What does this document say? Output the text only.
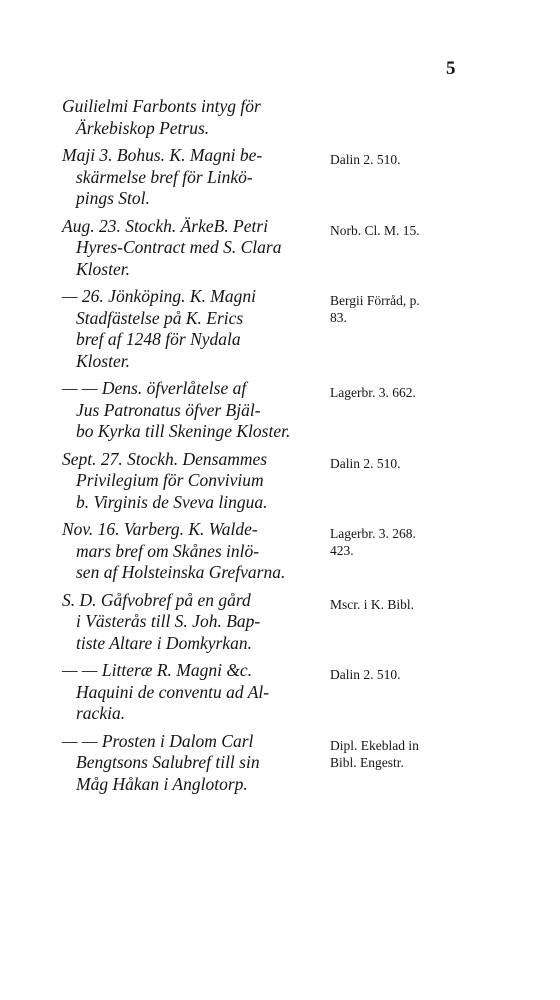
5
Guilielmi Farbonts intyg för
Ärkebiskop Petrus.
Maji 3. Bohus. K. Magni be-
skärmelse bref för Linkö-
pings Stol.
Dalin 2. 510.
Aug. 23. Stockh. ÄrkeB. Petri
Hyres-Contract med S. Clara
Kloster.
Norb. Cl. M. 15.
— 26. Jönköping. K. Magni
Stadfästelse på K. Erics
bref af 1248 för Nydala
Kloster.
Bergii Förråd, p.
83.
— — Dens. öfverlåtelse af
Jus Patronatus öfver Bjäl-
bo Kyrka till Skeninge Kloster.
Lagerbr. 3. 662.
Sept. 27. Stockh. Densammes
Privilegium för Convivium
b. Virginis de Sveva lingua.
Dalin 2. 510.
Nov. 16. Varberg. K. Walde-
mars bref om Skånes inlö-
sen af Holsteinska Grefvarna.
Lagerbr. 3. 268.
423.
S. D. Gåfvobref på en gård
i Västerås till S. Joh. Bap-
tiste Altare i Domkyrkan.
Mscr. i K. Bibl.
— — Litteræ R. Magni &c.
Haquini de conventu ad Al-
rackia.
Dalin 2. 510.
— — Prosten i Dalom Carl
Bengtsons Salubref till sin
Måg Håkan i Anglotorp.
Dipl. Ekeblad in
Bibl. Engestr.
